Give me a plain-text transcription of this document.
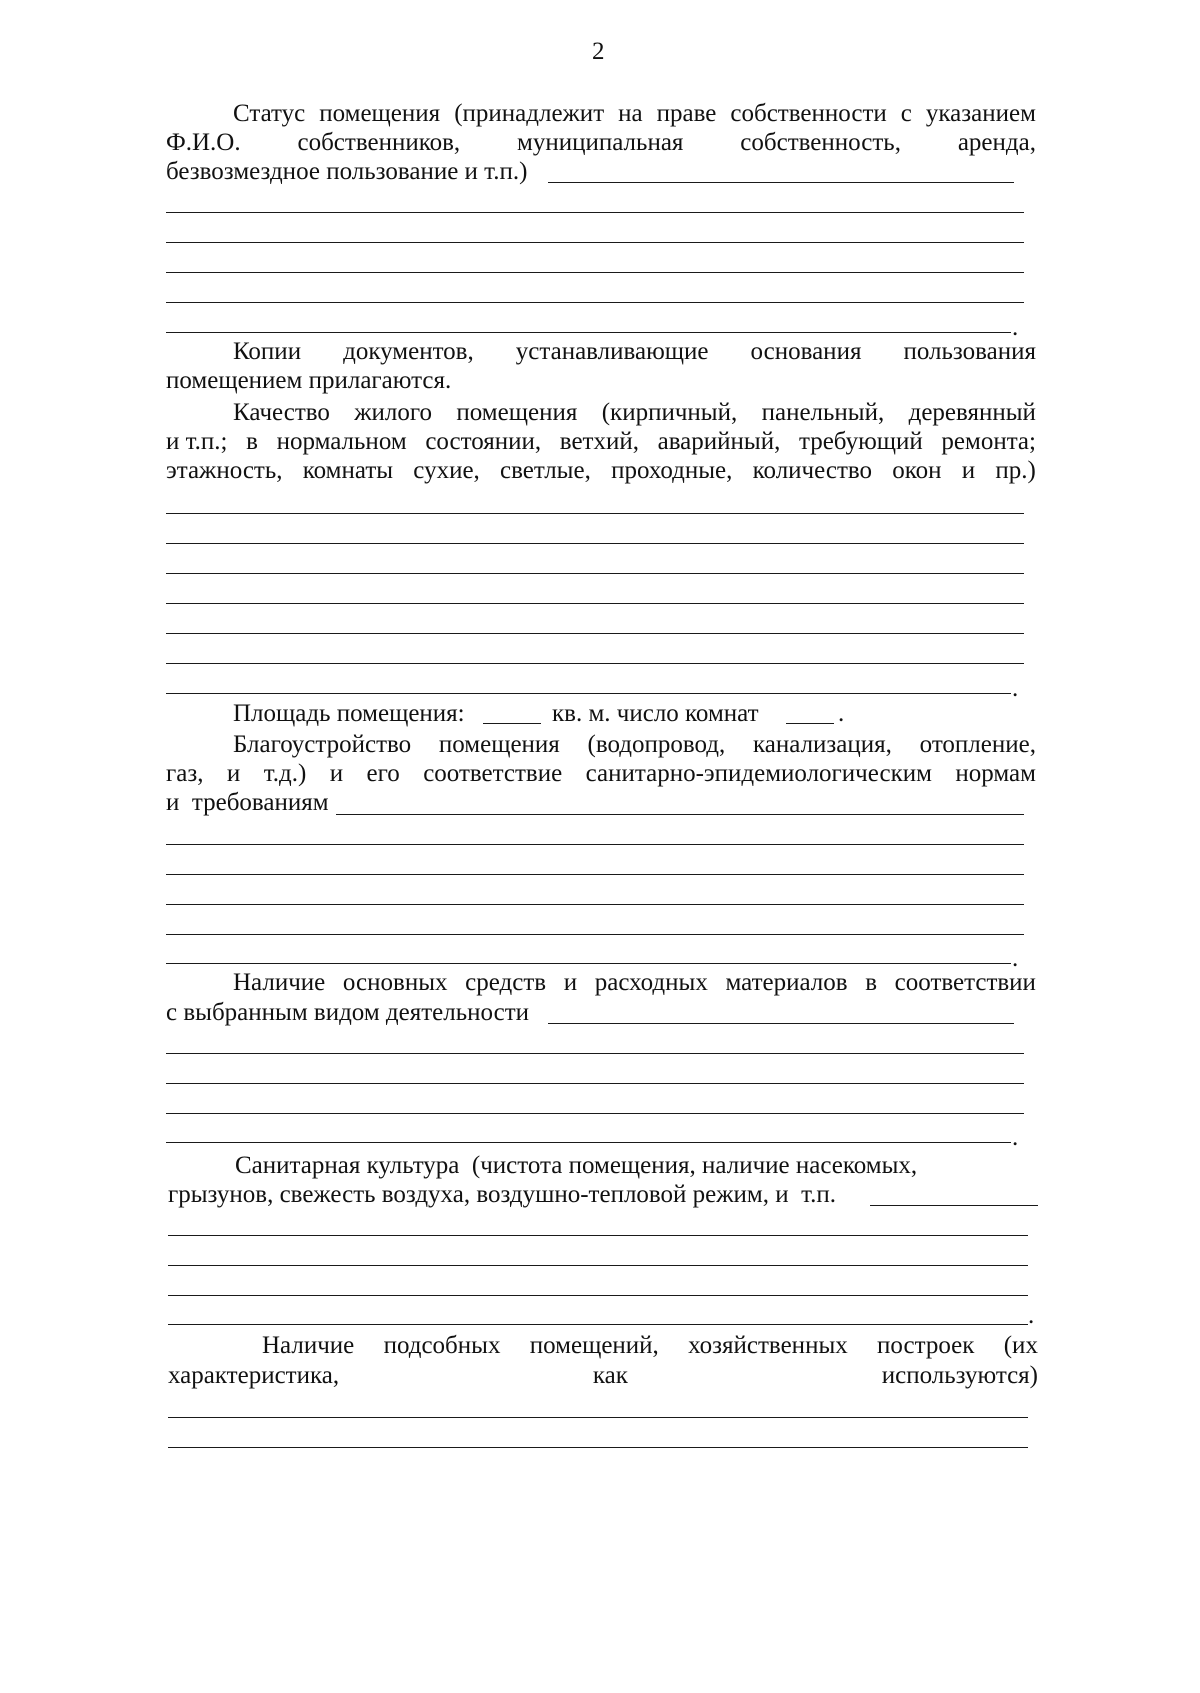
2
Статус помещения (принадлежит на праве собственности с указанием
Ф.И.О. собственников, муниципальная собственность, аренда,
безвозмездное пользование и т.п.)
.
Копии документов, устанавливающие основания пользования
помещением прилагаются.
Качество жилого помещения (кирпичный, панельный, деревянный
и т.п.; в нормальном состоянии, ветхий, аварийный, требующий ремонта;
этажность, комнаты сухие, светлые, проходные, количество окон и пр.)
.
Площадь помещения:	кв. м. число комнат	.
Благоустройство помещения (водопровод, канализация, отопление,
газ, и т.д.) и его соответствие санитарно-эпидемиологическим нормам
и  требованиям
.
Наличие основных средств и расходных материалов в соответствии
с выбранным видом деятельности
.
Санитарная культура  (чистота помещения, наличие насекомых,
грызунов, свежесть воздуха, воздушно-тепловой режим, и  т.п.
.
Наличие подсобных помещений, хозяйственных построек (их
характеристика,	как	используются)
